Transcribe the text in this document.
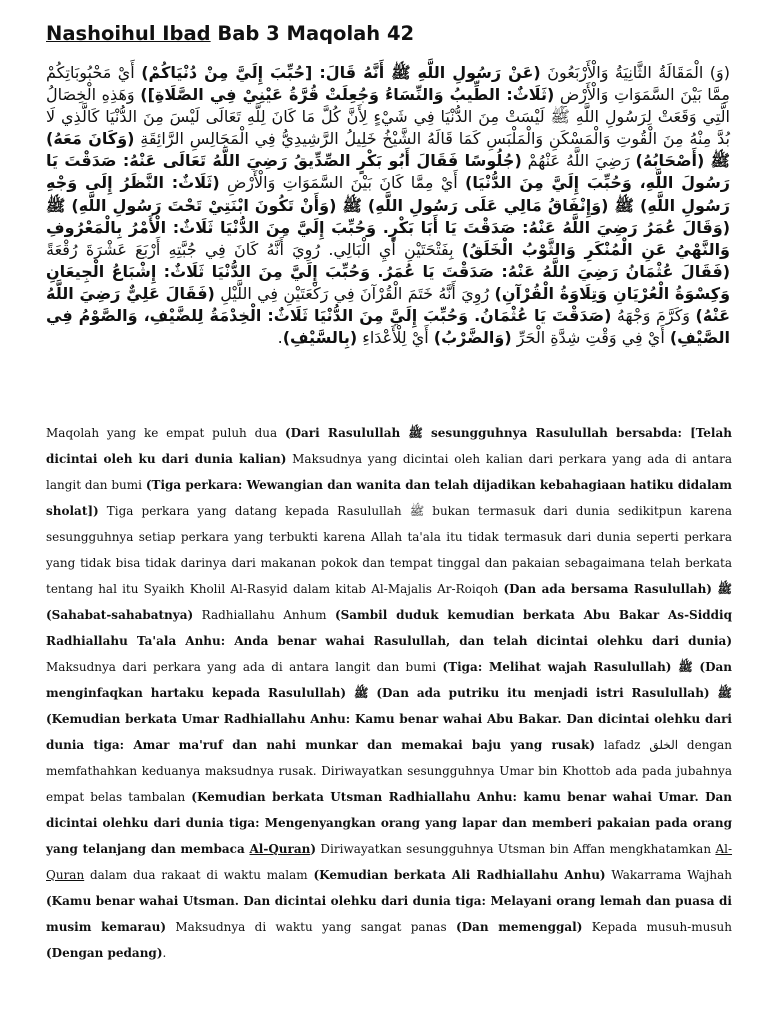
Nashoihul Ibad Bab 3 Maqolah 42

(وَ) الْمَقَالَةُ الثَّانِيَةُ وَالْأَرْبَعُونَ (عَنْ رَسُولِ اللَّهِ ﷺ أَنَّهُ قَالَ: [حُبِّبَ إِلَيَّ مِنْ دُنْيَاكُمْ) أَيْ مَحْبُوبَاتِكُمْ مِمَّا بَيْنَ السَّمَوَاتِ وَالْأَرْضِ (ثَلَاثٌ: الطِّيبُ وَالنِّسَاءُ وَجُعِلَتْ قُرَّةُ عَيْنِيْ فِي الصَّلَاةِ]) وَهَذِهِ الْخِصَالُ الَّتِي وَقَعَتْ لِرَسُولِ اللَّهِ ﷺ لَيْسَتْ مِنَ الدُّنْيَا فِي شَيْءٍ لِأَنَّ كُلَّ مَا كَانَ لِلَّهِ تَعَالَى لَيْسَ مِنَ الدُّنْيَا كَالَّذِي لَا بُدَّ مِنْهُ مِنَ الْقُوتِ وَالْمَسْكَنِ وَالْمَلْبَسِ كَمَا قَالَهُ الشَّيْخُ خَلِيلُ الرَّشِيدِيُّ فِي الْمَجَالِسِ الرَّائِقَةِ (وَكَانَ مَعَهُ) ﷺ (أَصْحَابُهُ) رَضِيَ اللَّهُ عَنْهُمْ (جُلُوسًا فَقَالَ أَبُو بَكْرٍ الصِّدِّيقُ رَضِيَ اللَّهُ تَعَالَى عَنْهُ: صَدَقْتَ يَا رَسُولَ اللَّهِ، وَحُبِّبَ إِلَيَّ مِنَ الدُّنْيَا) أَيْ مِمَّا كَانَ بَيْنَ السَّمَوَاتِ وَالْأَرْضِ (ثَلَاثٌ: النَّظَرُ إِلَى وَجْهِ رَسُولِ اللَّهِ) ﷺ (وَإِنْفَاقُ مَالِي عَلَى رَسُولِ اللَّهِ) ﷺ (وَأَنْ تَكُونَ ابْنَتِيْ تَحْتَ رَسُولِ اللَّهِ) ﷺ (وَقَالَ عُمَرُ رَضِيَ اللَّهُ عَنْهُ: صَدَقْتَ يَا أَبَا بَكْرٍ. وَحُبِّبَ إِلَيَّ مِنَ الدُّنْيَا ثَلَاثٌ: الْأَمْرُ بِالْمَعْرُوفِ وَالنَّهْيُ عَنِ الْمُنْكَرِ وَالثَّوْبُ الْخَلَقُ) بِفَتْحَتَيْنِ أَيِ الْبَالِي. رُوِيَ أَنَّهُ كَانَ فِي جُبَّتِهِ أَرْبَعَ عَشْرَةَ رُقْعَةً (فَقَالَ عُثْمَانُ رَضِيَ اللَّهُ عَنْهُ: صَدَقْتَ يَا عُمَرُ. وَحُبِّبَ إِلَيَّ مِنَ الدُّنْيَا ثَلَاثٌ: إِشْبَاعُ الْجِيعَانِ وَكِسْوَةُ الْعُرْيَانِ وَتِلَاوَةُ الْقُرْآنِ) رُوِيَ أَنَّهُ خَتَمَ الْقُرْآنَ فِي رَكْعَتَيْنِ فِي اللَّيْلِ (فَقَالَ عَلِيٌّ رَضِيَ اللَّهُ عَنْهُ) وَكَرَّمَ وَجْهَهُ (صَدَقْتَ يَا عُثْمَانُ. وَحُبِّبَ إِلَيَّ مِنَ الدُّنْيَا ثَلَاثٌ: الْخِدْمَةُ لِلضَّيْفِ، وَالصَّوْمُ فِي الصَّيْفِ) أَيْ فِي وَقْتِ شِدَّةِ الْحَرِّ (وَالضَّرْبُ) أَيْ لِلْأَعْدَاءِ (بِالسَّيْفِ).

Maqolah yang ke empat puluh dua (Dari Rasulullah ﷺ sesungguhnya Rasulullah bersabda: [Telah dicintai oleh ku dari dunia kalian) Maksudnya yang dicintai oleh kalian dari perkara yang ada di antara langit dan bumi (Tiga perkara: Wewangian dan wanita dan telah dijadikan kebahagiaan hatiku didalam sholat]) Tiga perkara yang datang kepada Rasulullah ﷺ bukan termasuk dari dunia sedikitpun karena sesungguhnya setiap perkara yang terbukti karena Allah ta'ala itu tidak termasuk dari dunia seperti perkara yang tidak bisa tidak darinya dari makanan pokok dan tempat tinggal dan pakaian sebagaimana telah berkata tentang hal itu Syaikh Kholil Al-Rasyid dalam kitab Al-Majalis Ar-Roiqoh (Dan ada bersama Rasulullah) ﷺ (Sahabat-sahabatnya) Radhiallahu Anhum (Sambil duduk kemudian berkata Abu Bakar As-Siddiq Radhiallahu Ta'ala Anhu: Anda benar wahai Rasulullah, dan telah dicintai olehku dari dunia) Maksudnya dari perkara yang ada di antara langit dan bumi (Tiga: Melihat wajah Rasulullah) ﷺ (Dan menginfaqkan hartaku kepada Rasulullah) ﷺ (Dan ada putriku itu menjadi istri Rasulullah) ﷺ (Kemudian berkata Umar Radhiallahu Anhu: Kamu benar wahai Abu Bakar. Dan dicintai olehku dari dunia tiga: Amar ma'ruf dan nahi munkar dan memakai baju yang rusak) lafadz الخلق dengan memfathahkan keduanya maksudnya rusak. Diriwayatkan sesungguhnya Umar bin Khottob ada pada jubahnya empat belas tambalan (Kemudian berkata Utsman Radhiallahu Anhu: kamu benar wahai Umar. Dan dicintai olehku dari dunia tiga: Mengenyangkan orang yang lapar dan memberi pakaian pada orang yang telanjang dan membaca Al-Quran) Diriwayatkan sesungguhnya Utsman bin Affan mengkhatamkan Al-Quran dalam dua rakaat di waktu malam (Kemudian berkata Ali Radhiallahu Anhu) Wakarrama Wajhah (Kamu benar wahai Utsman. Dan dicintai olehku dari dunia tiga: Melayani orang lemah dan puasa di musim kemarau) Maksudnya di waktu yang sangat panas (Dan memenggal) Kepada musuh-musuh (Dengan pedang).
